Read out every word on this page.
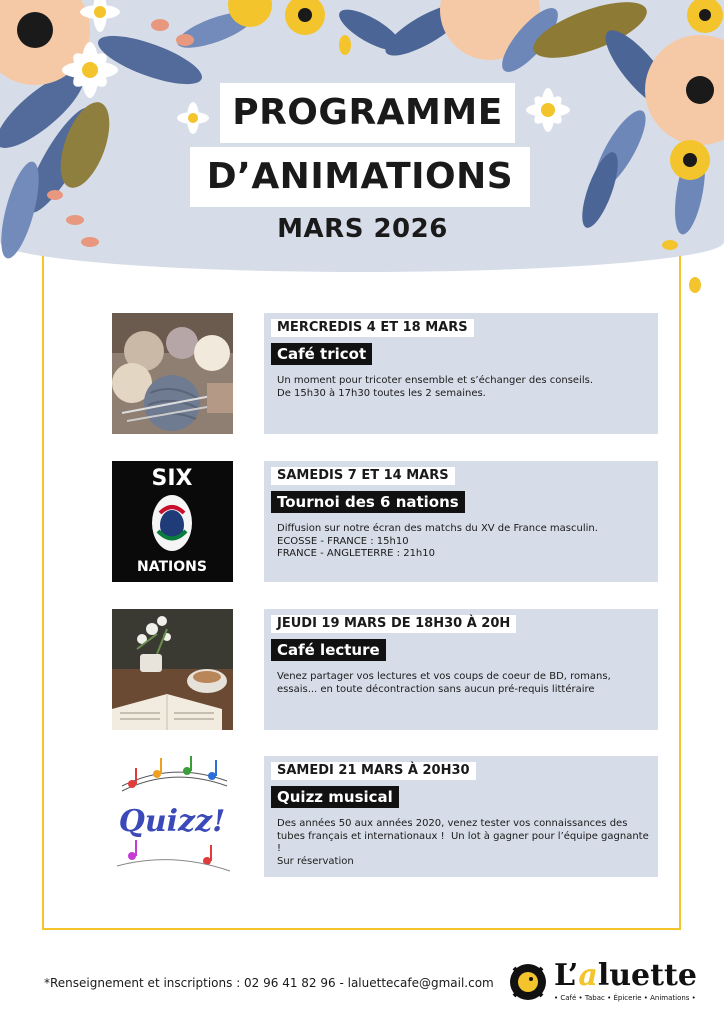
PROGRAMME
D’ANIMATIONS
MARS 2026
MERCREDIS 4 ET 18 MARS
Café tricot
Un moment pour tricoter ensemble et s’échanger des conseils.
De 15h30 à 17h30 toutes les 2 semaines.
SIX
NATIONS
SAMEDIS 7 ET 14 MARS
Tournoi des 6 nations
Diffusion sur notre écran des matchs du XV de France masculin.
ECOSSE - FRANCE : 15h10
FRANCE - ANGLETERRE : 21h10
JEUDI 19 MARS DE 18H30 À 20H
Café lecture
Venez partager vos lectures et vos coups de coeur de BD, romans,
essais... en toute décontraction sans aucun pré-requis littéraire
Quizz!
SAMEDI 21 MARS À 20H30
Quizz musical
Des années 50 aux années 2020, venez tester vos connaissances des
tubes français et internationaux !  Un lot à gagner pour l’équipe gagnante !
Sur réservation
*Renseignement et inscriptions : 02 96 41 82 96 - laluettecafe@gmail.com L’aluette
• Café • Tabac • Épicerie • Animations •
